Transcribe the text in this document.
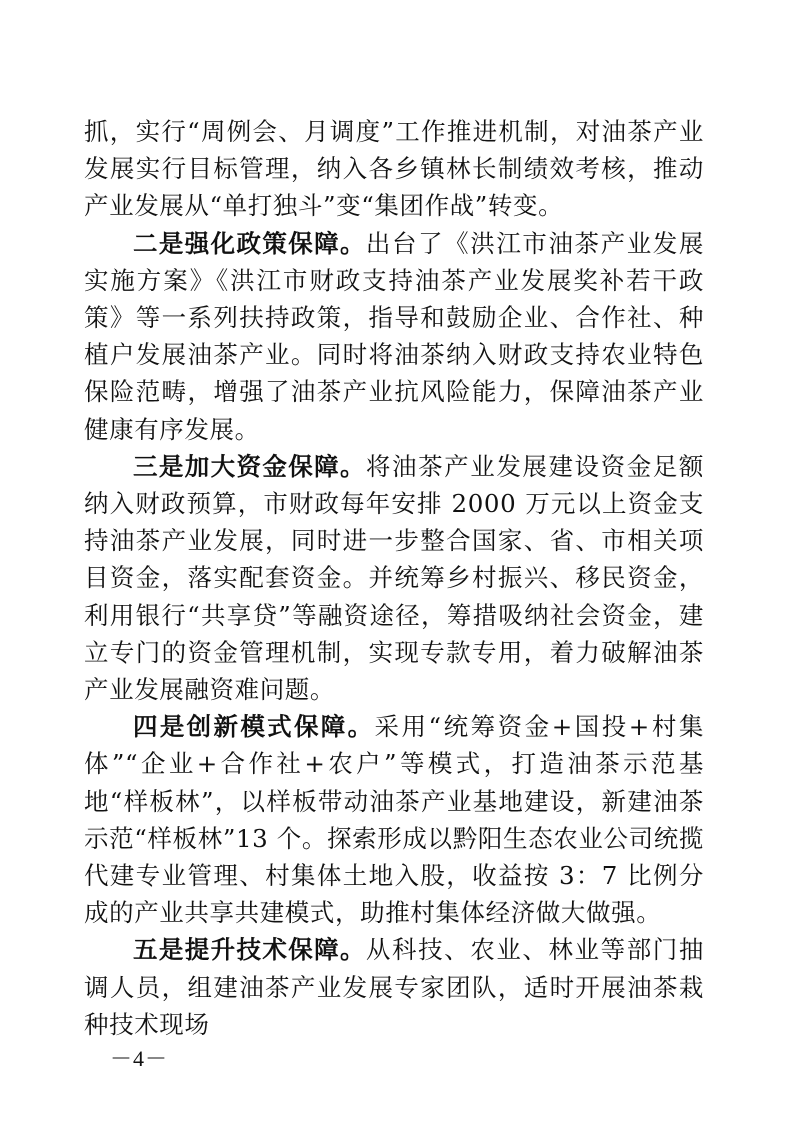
抓，实行“周例会、月调度”工作推进机制，对油茶产业发展实行目标管理，纳入各乡镇林长制绩效考核，推动产业发展从“单打独斗”变“集团作战”转变。

二是强化政策保障。出台了《洪江市油茶产业发展实施方案》《洪江市财政支持油茶产业发展奖补若干政策》等一系列扶持政策，指导和鼓励企业、合作社、种植户发展油茶产业。同时将油茶纳入财政支持农业特色保险范畴，增强了油茶产业抗风险能力，保障油茶产业健康有序发展。

三是加大资金保障。将油茶产业发展建设资金足额纳入财政预算，市财政每年安排 2000 万元以上资金支持油茶产业发展，同时进一步整合国家、省、市相关项目资金，落实配套资金。并统筹乡村振兴、移民资金，利用银行“共享贷”等融资途径，筹措吸纳社会资金，建立专门的资金管理机制，实现专款专用，着力破解油茶产业发展融资难问题。

四是创新模式保障。采用“统筹资金+国投+村集体”“企业+合作社+农户”等模式，打造油茶示范基地“样板林”，以样板带动油茶产业基地建设，新建油茶示范“样板林”13 个。探索形成以黔阳生态农业公司统揽代建专业管理、村集体土地入股，收益按 3：7 比例分成的产业共享共建模式，助推村集体经济做大做强。

五是提升技术保障。从科技、农业、林业等部门抽调人员，组建油茶产业发展专家团队，适时开展油茶栽种技术现场

－4－
